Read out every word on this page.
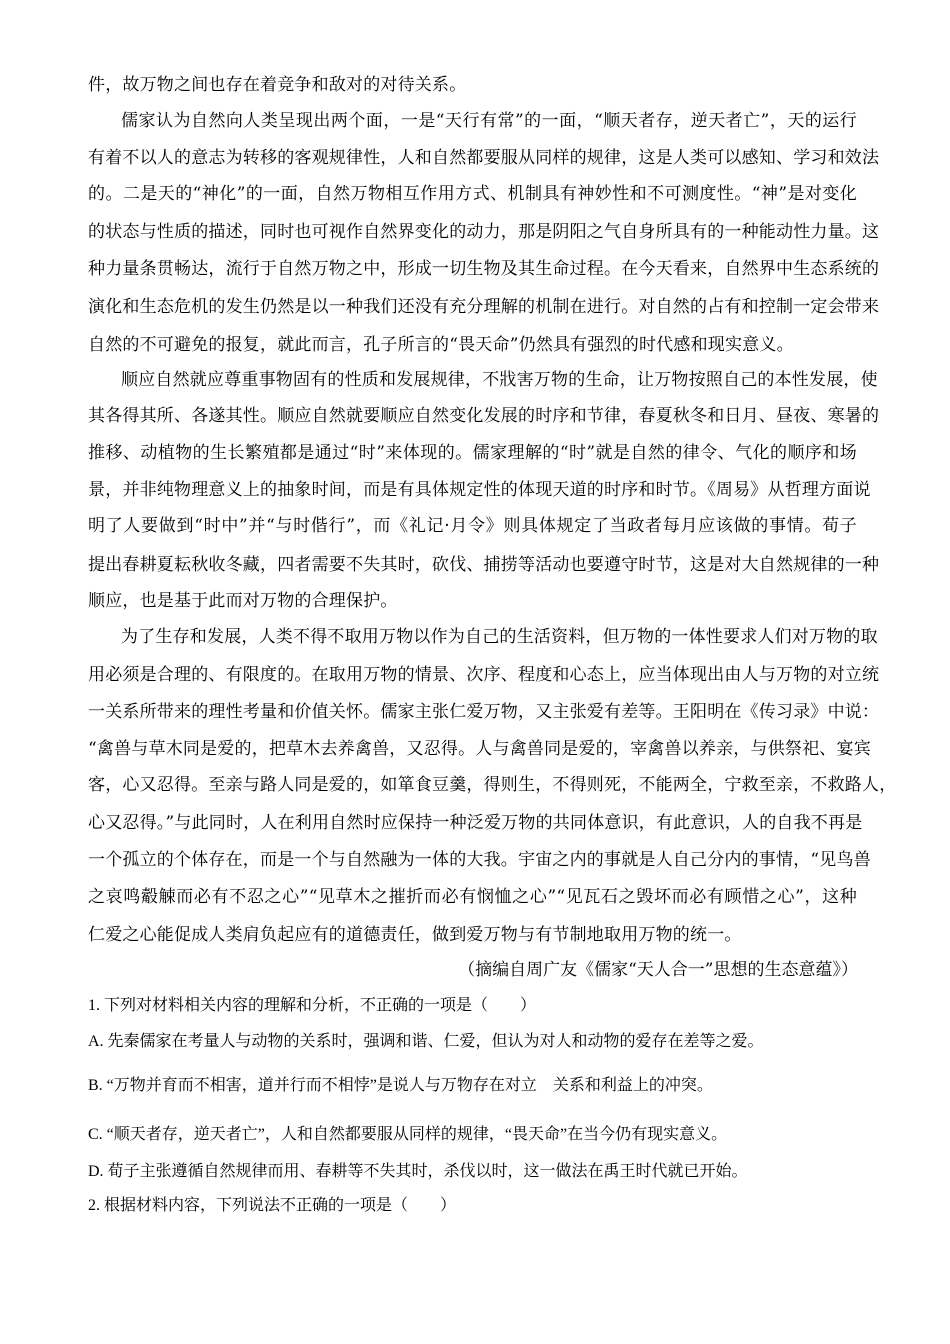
件，故万物之间也存在着竞争和敌对的对待关系。
儒家认为自然向人类呈现出两个面，一是“天行有常”的一面，“顺天者存，逆天者亡”，天的运行
有着不以人的意志为转移的客观规律性，人和自然都要服从同样的规律，这是人类可以感知、学习和效法
的。二是天的“神化”的一面，自然万物相互作用方式、机制具有神妙性和不可测度性。“神”是对变化
的状态与性质的描述，同时也可视作自然界变化的动力，那是阴阳之气自身所具有的一种能动性力量。这
种力量条贯畅达，流行于自然万物之中，形成一切生物及其生命过程。在今天看来，自然界中生态系统的
演化和生态危机的发生仍然是以一种我们还没有充分理解的机制在进行。对自然的占有和控制一定会带来
自然的不可避免的报复，就此而言，孔子所言的“畏天命”仍然具有强烈的时代感和现实意义。
顺应自然就应尊重事物固有的性质和发展规律，不戕害万物的生命，让万物按照自己的本性发展，使
其各得其所、各遂其性。顺应自然就要顺应自然变化发展的时序和节律，春夏秋冬和日月、昼夜、寒暑的
推移、动植物的生长繁殖都是通过“时”来体现的。儒家理解的“时”就是自然的律令、气化的顺序和场
景，并非纯物理意义上的抽象时间，而是有具体规定性的体现天道的时序和时节。《周易》从哲理方面说
明了人要做到“时中”并“与时偕行”，而《礼记·月令》则具体规定了当政者每月应该做的事情。荀子
提出春耕夏耘秋收冬藏，四者需要不失其时，砍伐、捕捞等活动也要遵守时节，这是对大自然规律的一种
顺应，也是基于此而对万物的合理保护。
为了生存和发展，人类不得不取用万物以作为自己的生活资料，但万物的一体性要求人们对万物的取
用必须是合理的、有限度的。在取用万物的情景、次序、程度和心态上，应当体现出由人与万物的对立统
一关系所带来的理性考量和价值关怀。儒家主张仁爱万物，又主张爱有差等。王阳明在《传习录》中说：
“禽兽与草木同是爱的，把草木去养禽兽，又忍得。人与禽兽同是爱的，宰禽兽以养亲，与供祭祀、宴宾
客，心又忍得。至亲与路人同是爱的，如箪食豆羹，得则生，不得则死，不能两全，宁救至亲，不救路人，
心又忍得。”与此同时，人在利用自然时应保持一种泛爱万物的共同体意识，有此意识，人的自我不再是
一个孤立的个体存在，而是一个与自然融为一体的大我。宇宙之内的事就是人自己分内的事情，“见鸟兽
之哀鸣觳觫而必有不忍之心”“见草木之摧折而必有悯恤之心”“见瓦石之毁坏而必有顾惜之心”，这种
仁爱之心能促成人类肩负起应有的道德责任，做到爱万物与有节制地取用万物的统一。
（摘编自周广友《儒家“天人合一”思想的生态意蕴》）
1. 下列对材料相关内容的理解和分析，不正确的一项是（　　）
A. 先秦儒家在考量人与动物的关系时，强调和谐、仁爱，但认为对人和动物的爱存在差等之爱。
B. “万物并育而不相害，道并行而不相悖”是说人与万物存在对立　关系和利益上的冲突。
C. “顺天者存，逆天者亡”，人和自然都要服从同样的规律，“畏天命”在当今仍有现实意义。
D. 荀子主张遵循自然规律而用、春耕等不失其时，杀伐以时，这一做法在禹王时代就已开始。
2. 根据材料内容，下列说法不正确的一项是（　　）
